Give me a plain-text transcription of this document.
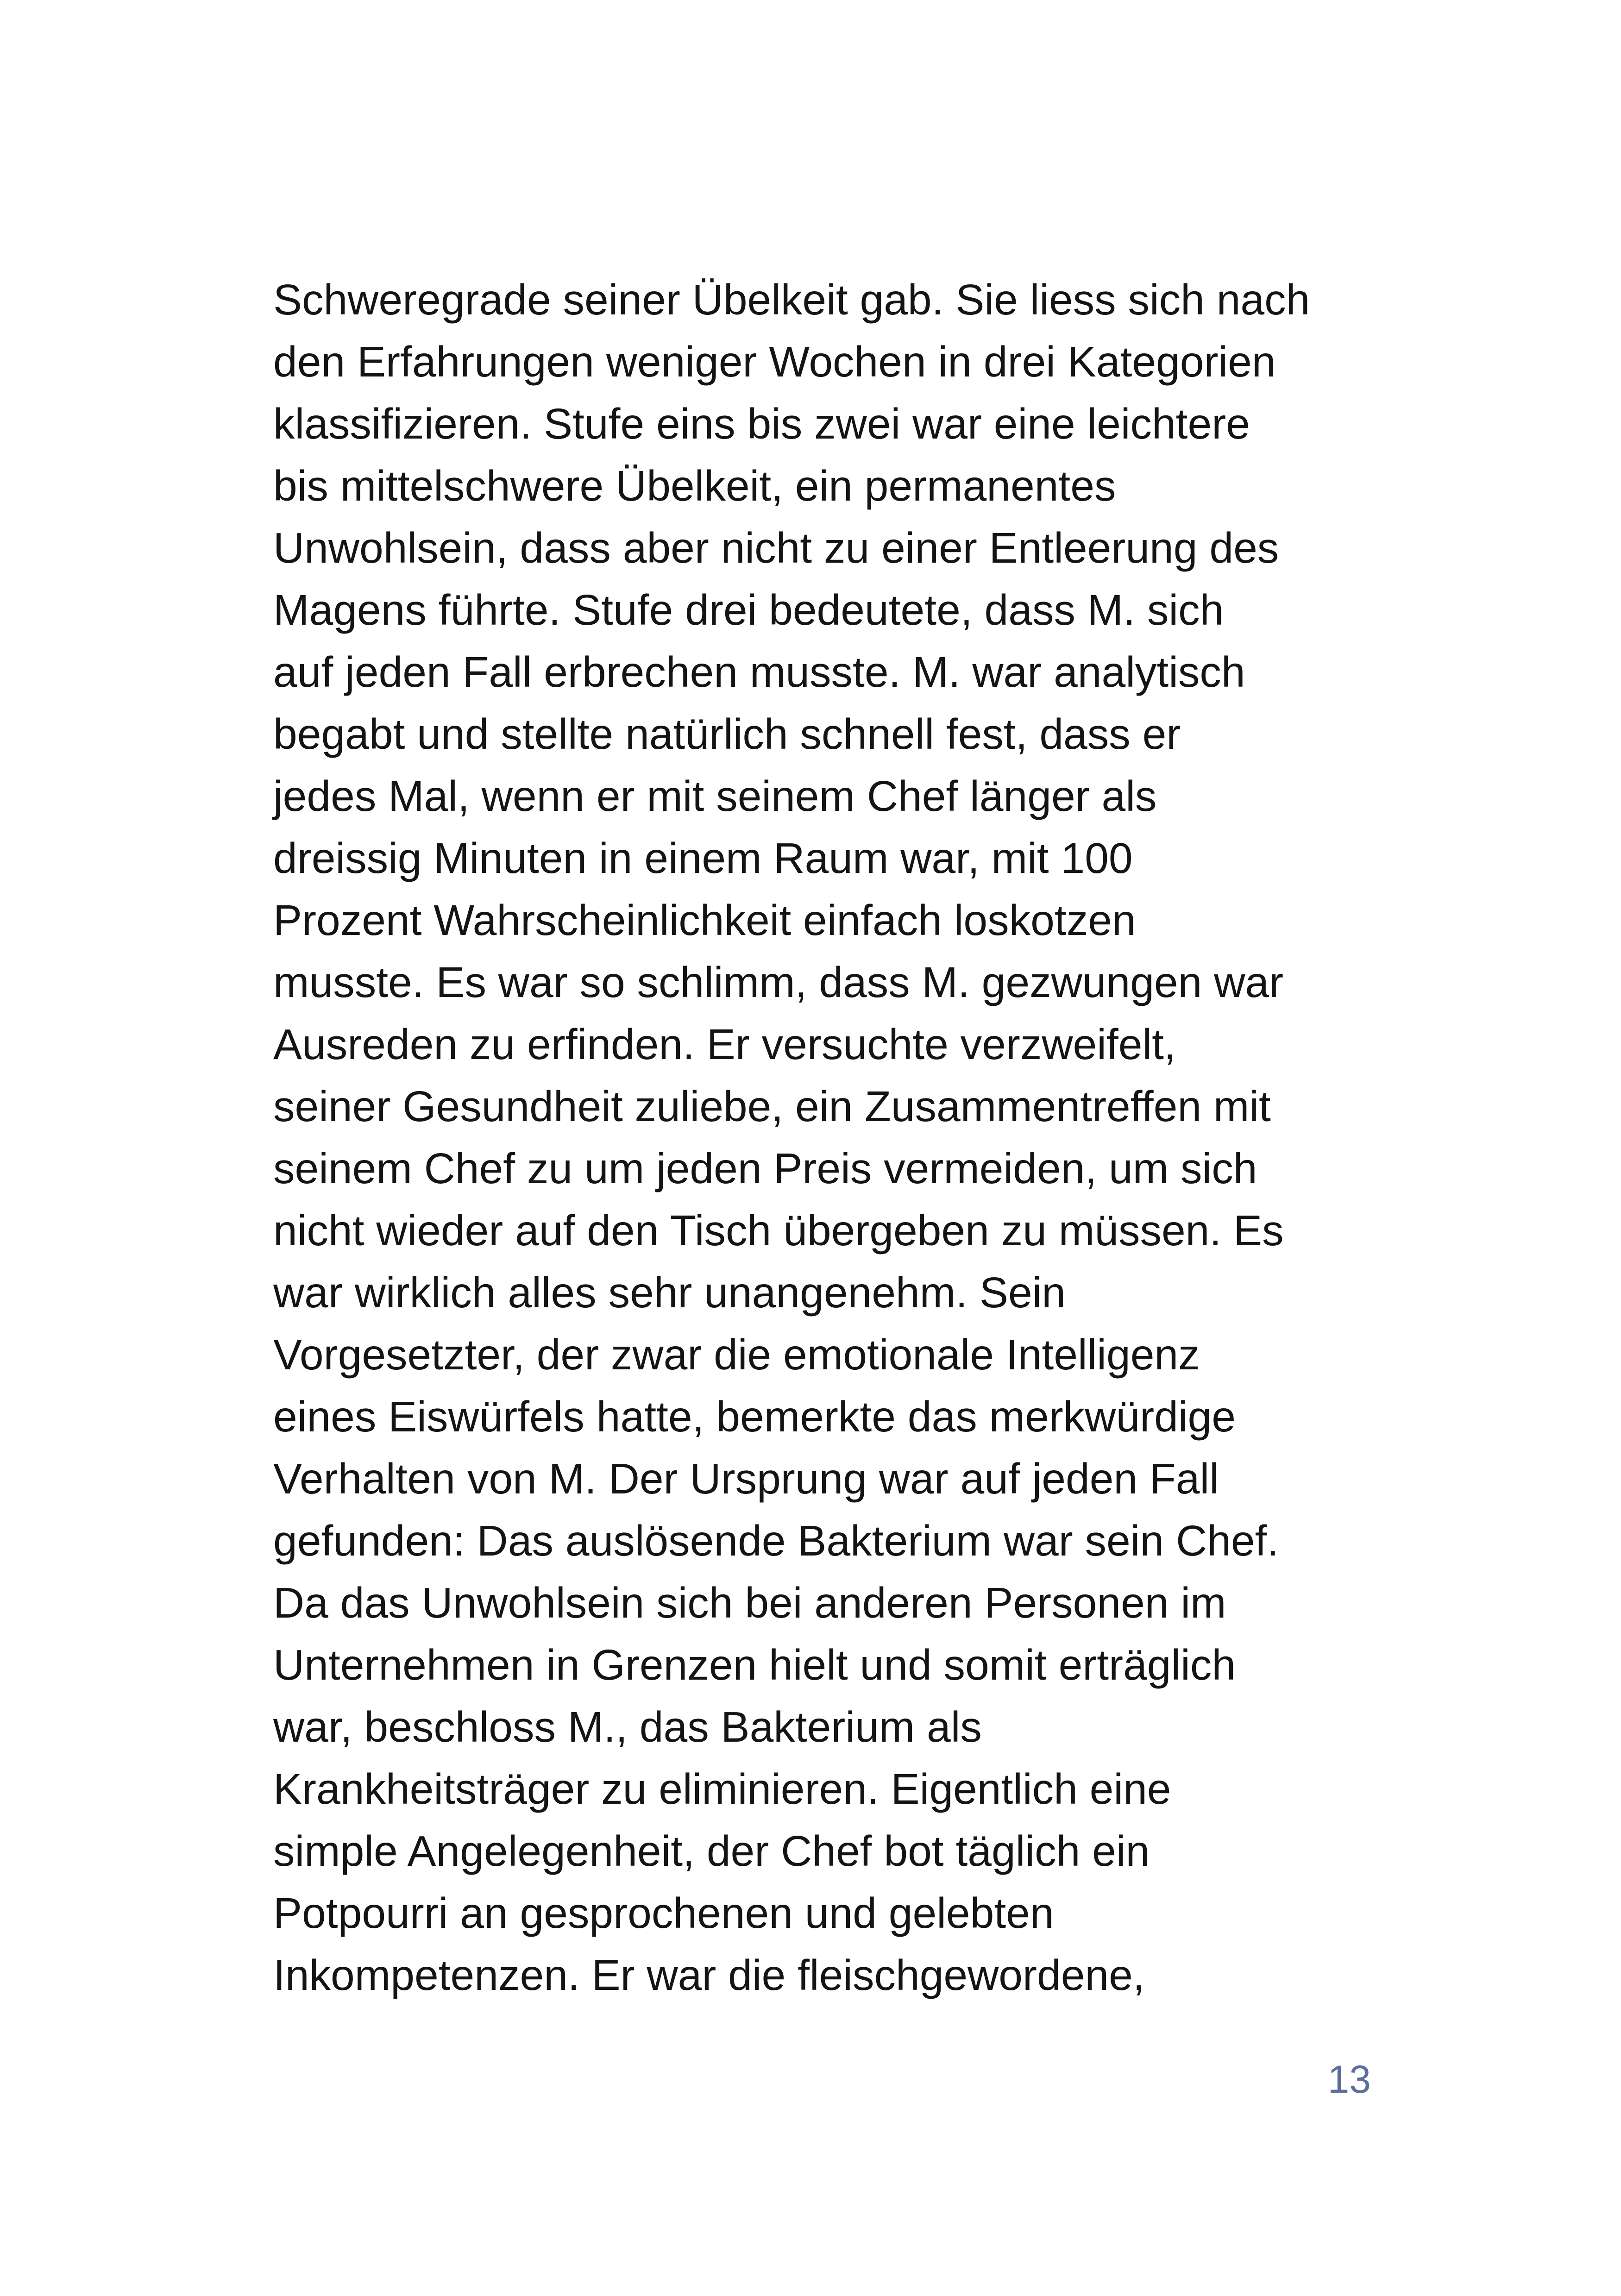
Schweregrade seiner Übelkeit gab. Sie liess sich nach
den Erfahrungen weniger Wochen in drei Kategorien
klassifizieren. Stufe eins bis zwei war eine leichtere
bis mittelschwere Übelkeit, ein permanentes
Unwohlsein, dass aber nicht zu einer Entleerung des
Magens führte. Stufe drei bedeutete, dass M. sich
auf jeden Fall erbrechen musste. M. war analytisch
begabt und stellte natürlich schnell fest, dass er
jedes Mal, wenn er mit seinem Chef länger als
dreissig Minuten in einem Raum war, mit 100
Prozent Wahrscheinlichkeit einfach loskotzen
musste. Es war so schlimm, dass M. gezwungen war
Ausreden zu erfinden. Er versuchte verzweifelt,
seiner Gesundheit zuliebe, ein Zusammentreffen mit
seinem Chef zu um jeden Preis vermeiden, um sich
nicht wieder auf den Tisch übergeben zu müssen. Es
war wirklich alles sehr unangenehm. Sein
Vorgesetzter, der zwar die emotionale Intelligenz
eines Eiswürfels hatte, bemerkte das merkwürdige
Verhalten von M. Der Ursprung war auf jeden Fall
gefunden: Das auslösende Bakterium war sein Chef.
Da das Unwohlsein sich bei anderen Personen im
Unternehmen in Grenzen hielt und somit erträglich
war, beschloss M., das Bakterium als
Krankheitsträger zu eliminieren. Eigentlich eine
simple Angelegenheit, der Chef bot täglich ein
Potpourri an gesprochenen und gelebten
Inkompetenzen. Er war die fleischgewordene,
13
